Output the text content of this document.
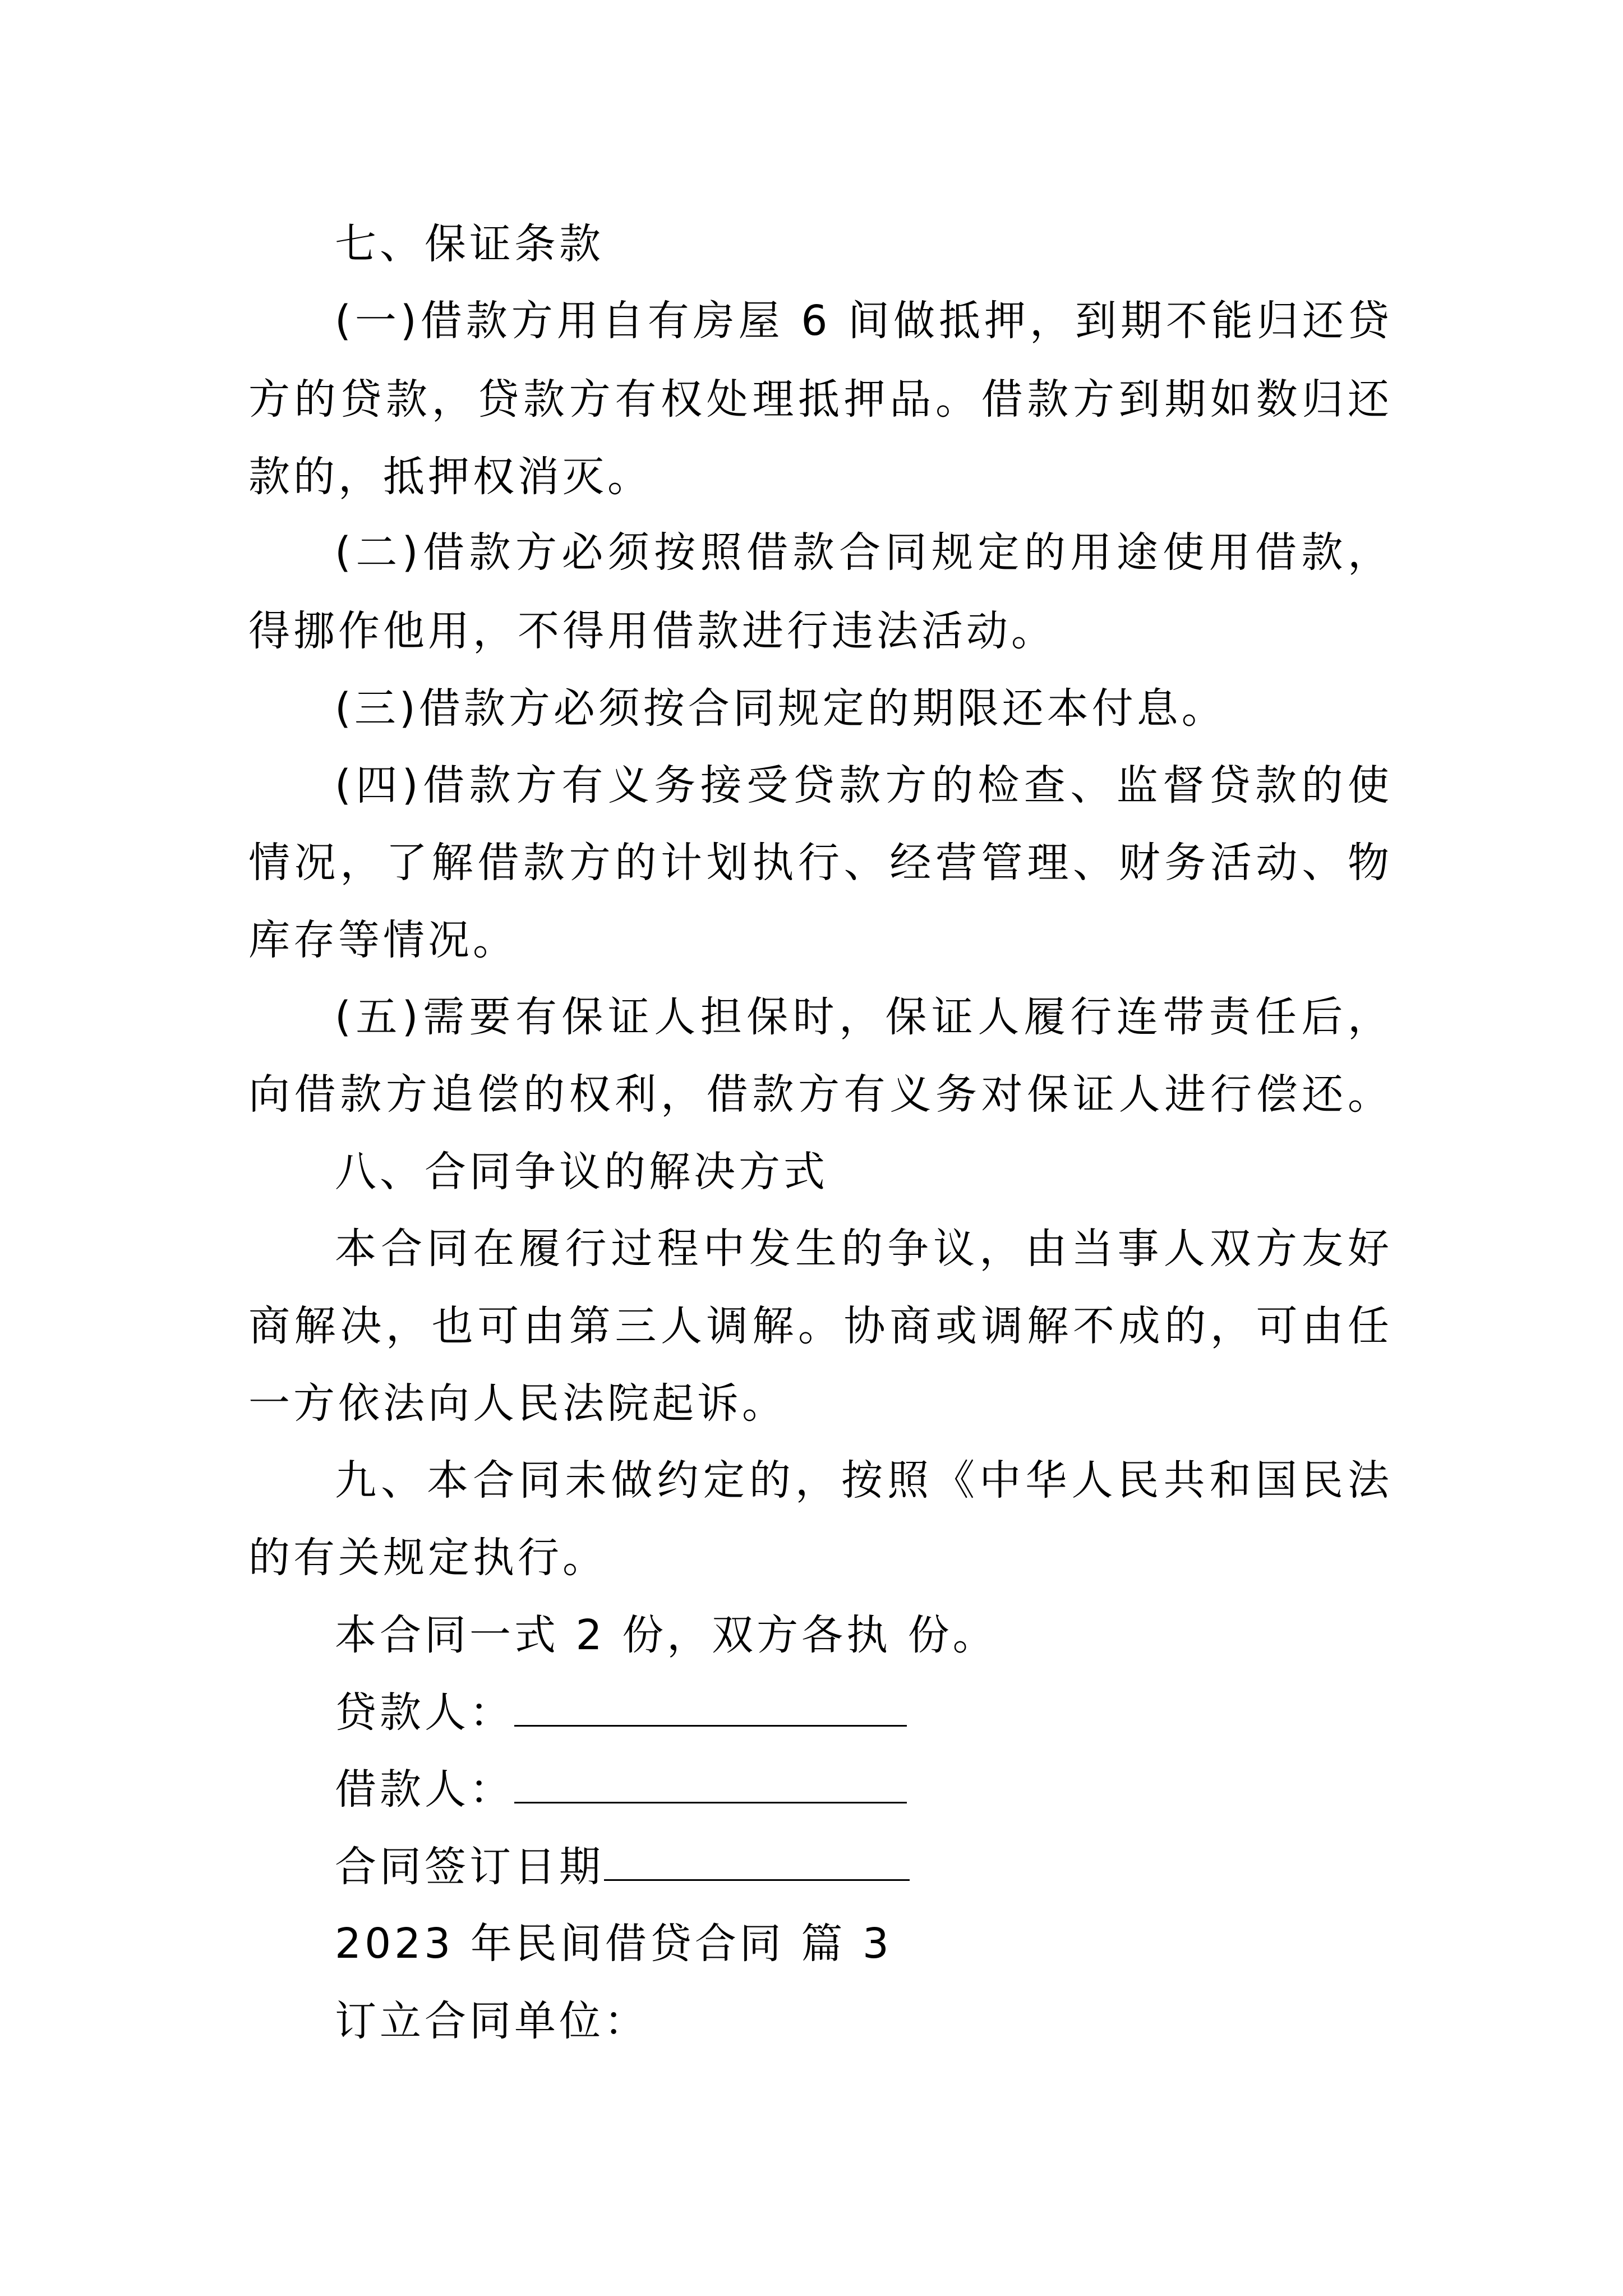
七、保证条款
(一)借款方用自有房屋 6 间做抵押，到期不能归还贷
方的贷款，贷款方有权处理抵押品。借款方到期如数归还
款的，抵押权消灭。
(二)借款方必须按照借款合同规定的用途使用借款，
得挪作他用，不得用借款进行违法活动。
(三)借款方必须按合同规定的期限还本付息。
(四)借款方有义务接受贷款方的检查、监督贷款的使
情况，了解借款方的计划执行、经营管理、财务活动、物
库存等情况。
(五)需要有保证人担保时，保证人履行连带责任后，
向借款方追偿的权利，借款方有义务对保证人进行偿还。
八、合同争议的解决方式
本合同在履行过程中发生的争议，由当事人双方友好
商解决，也可由第三人调解。协商或调解不成的，可由任
一方依法向人民法院起诉。
九、本合同未做约定的，按照《中华人民共和国民法
的有关规定执行。
本合同一式 2 份，双方各执 份。
贷款人：
借款人：
合同签订日期
2023 年民间借贷合同 篇 3
订立合同单位：
